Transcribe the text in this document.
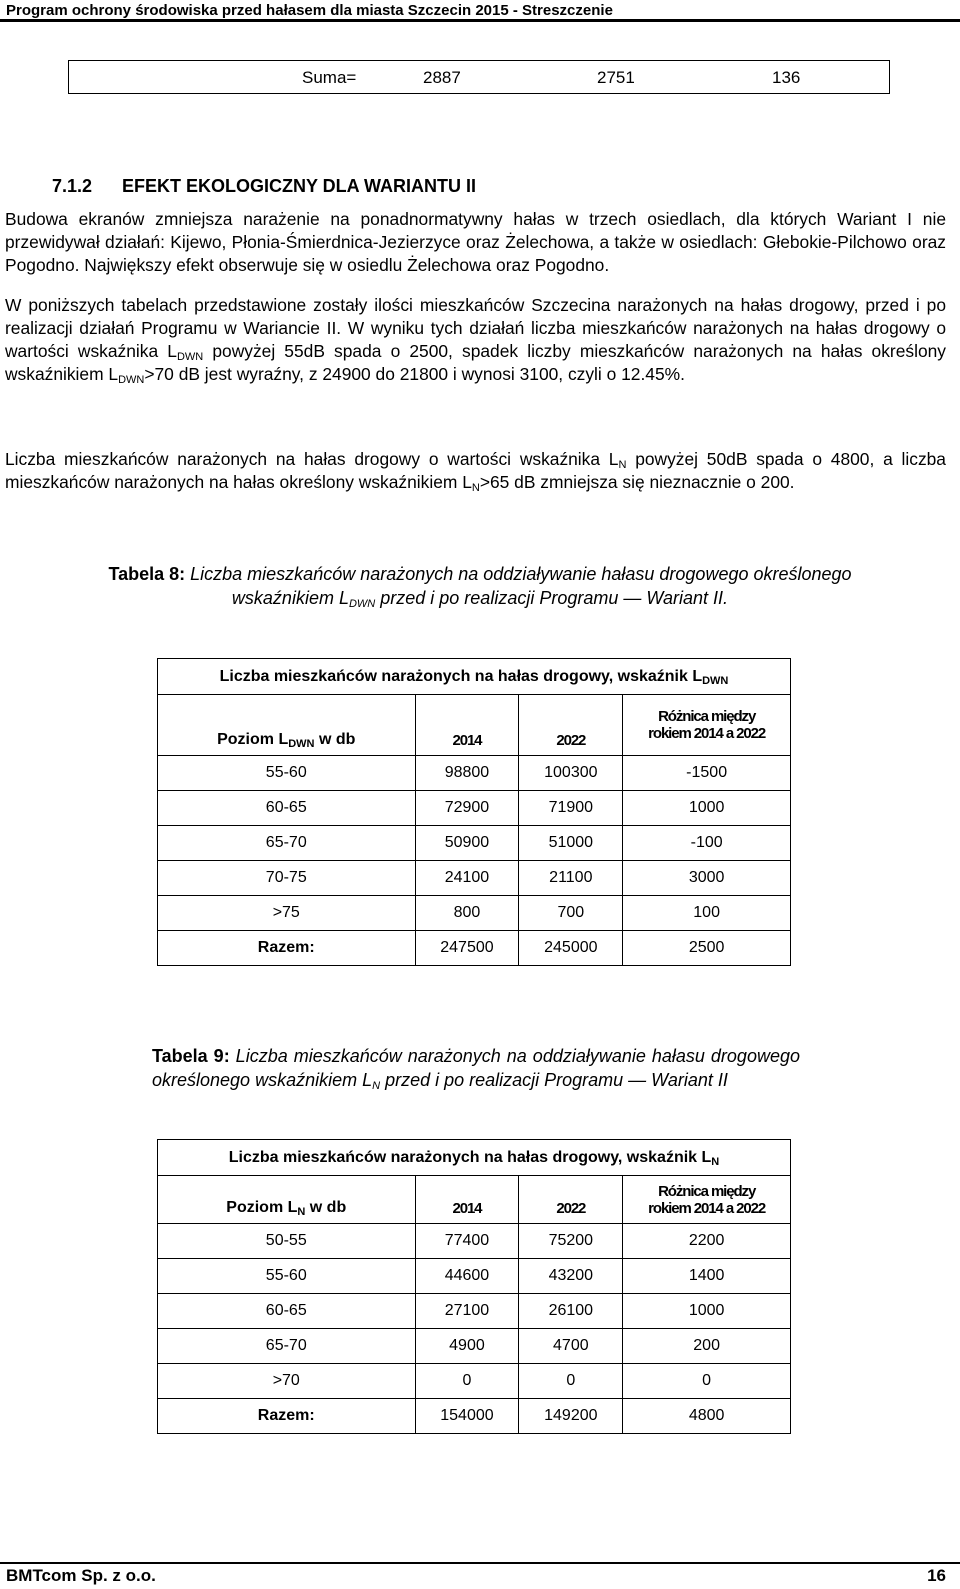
Program ochrony środowiska przed hałasem dla miasta Szczecin 2015 - Streszczenie
Suma=	2887	2751	136
7.1.2 EFEKT EKOLOGICZNY DLA WARIANTU II

Budowa ekranów zmniejsza narażenie na ponadnormatywny hałas w trzech osiedlach, dla których Wariant I nie przewidywał działań: Kijewo, Płonia-Śmierdnica-Jezierzyce oraz Żelechowa, a także w osiedlach: Głebokie-Pilchowo oraz Pogodno. Największy efekt obserwuje się w osiedlu Żelechowa oraz Pogodno.

W poniższych tabelach przedstawione zostały ilości mieszkańców Szczecina narażonych na hałas drogowy, przed i po realizacji działań Programu w Wariancie II. W wyniku tych działań liczba mieszkańców narażonych na hałas drogowy o wartości wskaźnika $L_{DWN}$ powyżej 55dB spada o 2500, spadek liczby mieszkańców narażonych na hałas określony wskaźnikiem $L_{DWN}>70$ dB jest wyraźny, z 24900 do 21800 i wynosi 3100, czyli o 12.45%.

Liczba mieszkańców narażonych na hałas drogowy o wartości wskaźnika $L_N$ powyżej 50dB spada o 4800, a liczba mieszkańców narażonych na hałas określony wskaźnikiem $L_N>65$ dB zmniejsza się nieznacznie o 200.

Tabela 8: Liczba mieszkańców narażonych na oddziaływanie hałasu drogowego określonego wskaźnikiem $L_{DWN}$ przed i po realizacji Programu — Wariant II.

Liczba mieszkańców narażonych na hałas drogowy, wskaźnik $L_{DWN}$
Poziom $L_{DWN}$ w db	2014	2022	Różnica między
rokiem 2014 a 2022
55-60	98800	100300	-1500
60-65	72900	71900	1000
65-70	50900	51000	-100
70-75	24100	21100	3000
>75	800	700	100
Razem:	247500	245000	2500

Tabela 9: Liczba mieszkańców narażonych na oddziaływanie hałasu drogowego określonego wskaźnikiem $L_N$ przed i po realizacji Programu — Wariant II

Liczba mieszkańców narażonych na hałas drogowy, wskaźnik $L_N$
Poziom $L_N$ w db	2014	2022	Różnica między
rokiem 2014 a 2022
50-55	77400	75200	2200
55-60	44600	43200	1400
60-65	27100	26100	1000
65-70	4900	4700	200
>70	0	0	0
Razem:	154000	149200	4800
BMTcom Sp. z o.o.	16
